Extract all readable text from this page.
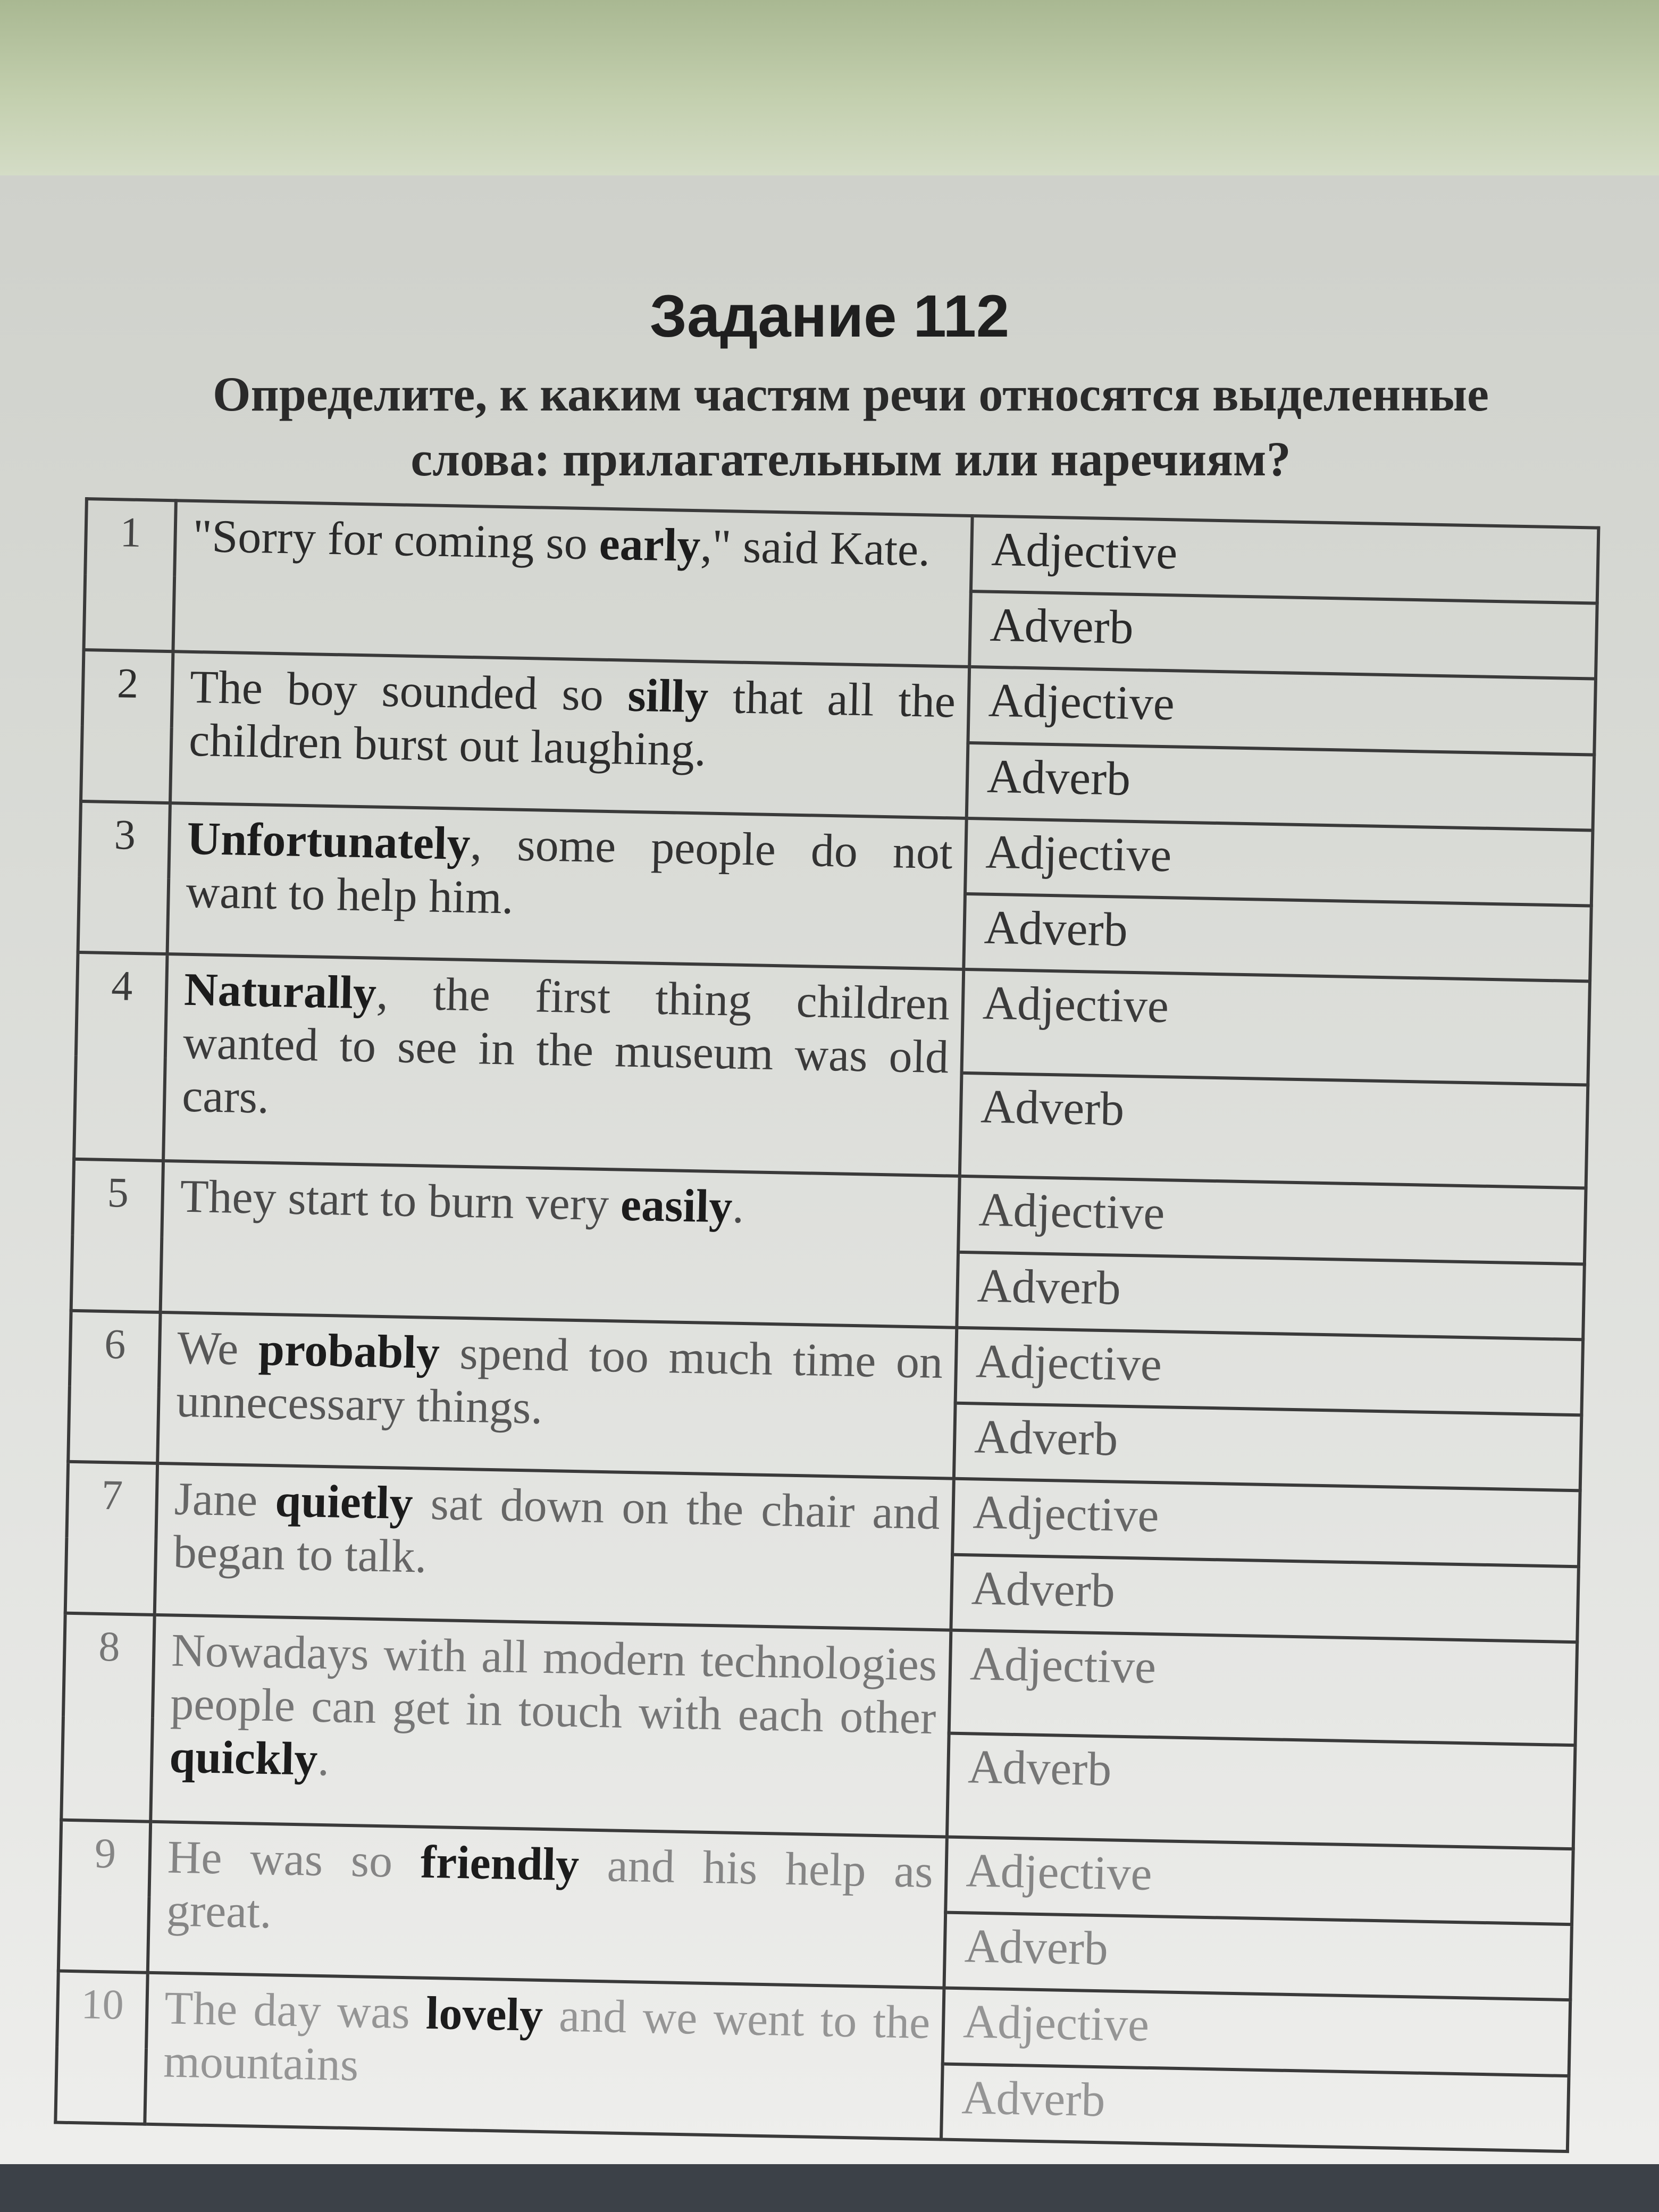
Задание 112

Определите, к каким частям речи относятся выделенные слова: прилагательным или наречиям?

1	"Sorry for coming so early," said Kate.	Adjective
		Adverb
2	The boy sounded so silly that all the children burst out laughing.	Adjective
		Adverb
3	Unfortunately, some people do not want to help him.	Adjective
		Adverb
4	Naturally, the first thing children wanted to see in the museum was old cars.	Adjective
		Adverb
5	They start to burn very easily.	Adjective
		Adverb
6	We probably spend too much time on unnecessary things.	Adjective
		Adverb
7	Jane quietly sat down on the chair and began to talk.	Adjective
		Adverb
8	Nowadays with all modern technologies people can get in touch with each other quickly.	Adjective
		Adverb
9	He was so friendly and his help as great.	Adjective
		Adverb
10	The day was lovely and we went to the mountains	Adjective
		Adverb
